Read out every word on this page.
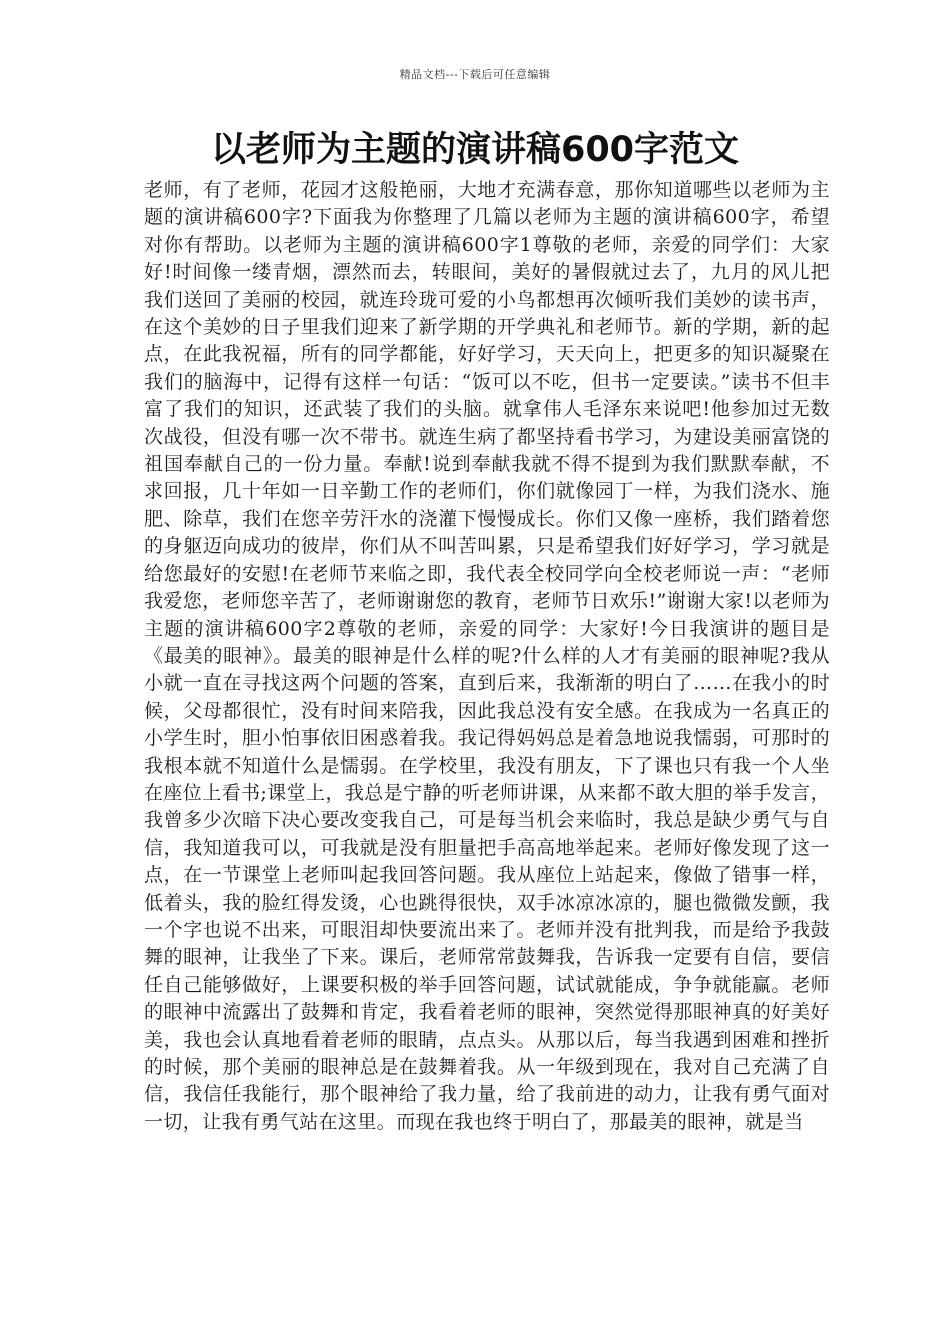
精品文档---下载后可任意编辑
以老师为主题的演讲稿600字范文

老师，有了老师，花园才这般艳丽，大地才充满春意，那你知道哪些以老师为主题的演讲稿600字?下面我为你整理了几篇以老师为主题的演讲稿600字，希望对你有帮助。以老师为主题的演讲稿600字1尊敬的老师，亲爱的同学们：大家好!时间像一缕青烟，漂然而去，转眼间，美好的暑假就过去了，九月的风儿把我们送回了美丽的校园，就连玲珑可爱的小鸟都想再次倾听我们美妙的读书声，在这个美妙的日子里我们迎来了新学期的开学典礼和老师节。新的学期，新的起点，在此我祝福，所有的同学都能，好好学习，天天向上，把更多的知识凝聚在我们的脑海中，记得有这样一句话：“饭可以不吃，但书一定要读。”读书不但丰富了我们的知识，还武装了我们的头脑。就拿伟人毛泽东来说吧!他参加过无数次战役，但没有哪一次不带书。就连生病了都坚持看书学习，为建设美丽富饶的祖国奉献自己的一份力量。奉献!说到奉献我就不得不提到为我们默默奉献，不求回报，几十年如一日辛勤工作的老师们，你们就像园丁一样，为我们浇水、施肥、除草，我们在您辛劳汗水的浇灌下慢慢成长。你们又像一座桥，我们踏着您的身躯迈向成功的彼岸，你们从不叫苦叫累，只是希望我们好好学习，学习就是给您最好的安慰!在老师节来临之即，我代表全校同学向全校老师说一声：“老师我爱您，老师您辛苦了，老师谢谢您的教育，老师节日欢乐!”谢谢大家!以老师为主题的演讲稿600字2尊敬的老师，亲爱的同学：大家好!今日我演讲的题目是《最美的眼神》。最美的眼神是什么样的呢?什么样的人才有美丽的眼神呢?我从小就一直在寻找这两个问题的答案，直到后来，我渐渐的明白了……在我小的时候，父母都很忙，没有时间来陪我，因此我总没有安全感。在我成为一名真正的小学生时，胆小怕事依旧困惑着我。我记得妈妈总是着急地说我懦弱，可那时的我根本就不知道什么是懦弱。在学校里，我没有朋友，下了课也只有我一个人坐在座位上看书;课堂上，我总是宁静的听老师讲课，从来都不敢大胆的举手发言，我曾多少次暗下决心要改变我自己，可是每当机会来临时，我总是缺少勇气与自信，我知道我可以，可我就是没有胆量把手高高地举起来。老师好像发现了这一点，在一节课堂上老师叫起我回答问题。我从座位上站起来，像做了错事一样，低着头，我的脸红得发烫，心也跳得很快，双手冰凉冰凉的，腿也微微发颤，我一个字也说不出来，可眼泪却快要流出来了。老师并没有批判我，而是给予我鼓舞的眼神，让我坐了下来。课后，老师常常鼓舞我，告诉我一定要有自信，要信任自己能够做好，上课要积极的举手回答问题，试试就能成，争争就能赢。老师的眼神中流露出了鼓舞和肯定，我看着老师的眼神，突然觉得那眼神真的好美好美，我也会认真地看着老师的眼睛，点点头。从那以后，每当我遇到困难和挫折的时候，那个美丽的眼神总是在鼓舞着我。从一年级到现在，我对自己充满了自信，我信任我能行，那个眼神给了我力量，给了我前进的动力，让我有勇气面对一切，让我有勇气站在这里。而现在我也终于明白了，那最美的眼神，就是当
